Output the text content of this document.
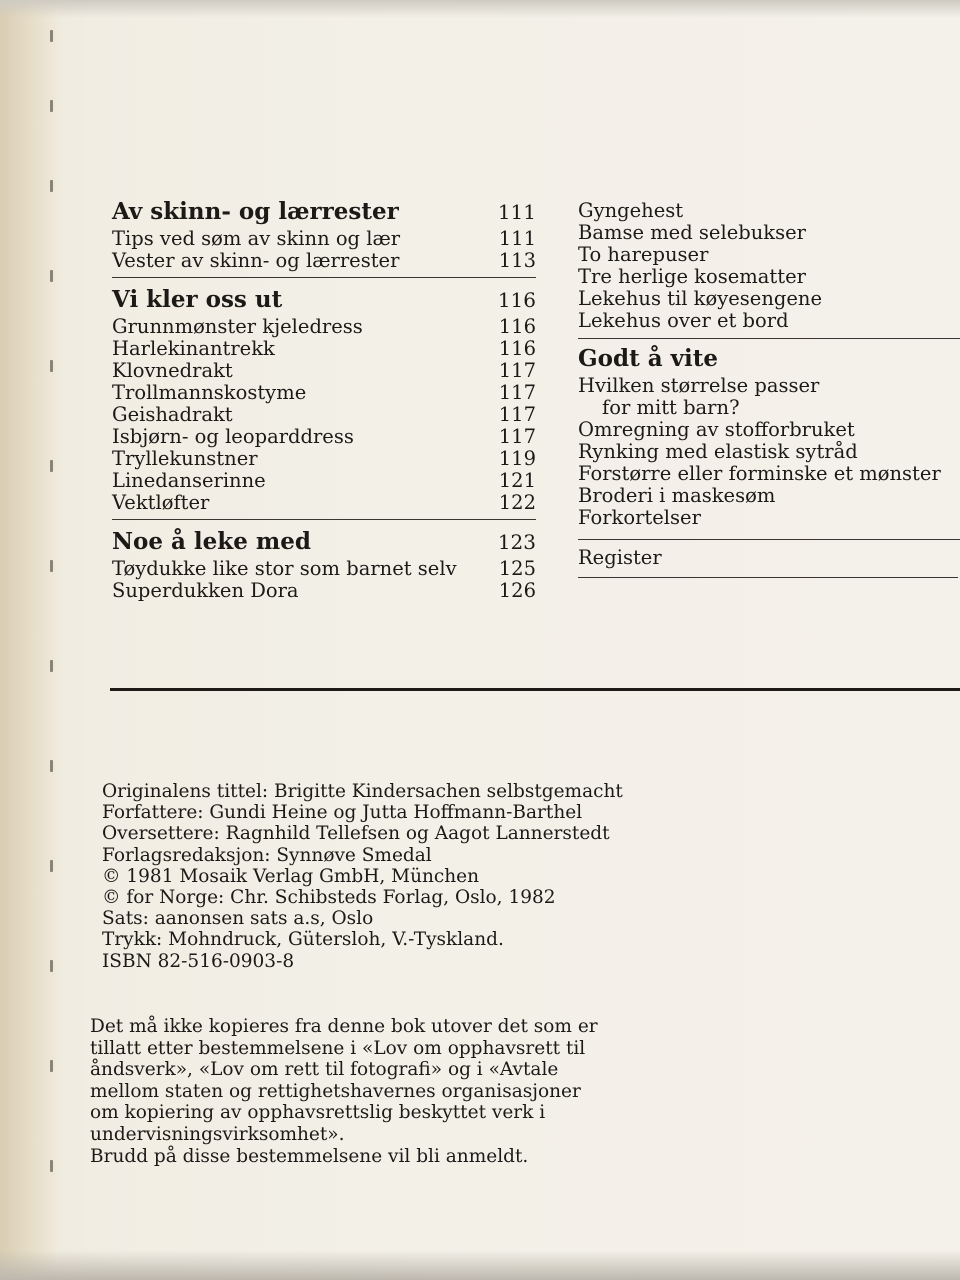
Av skinn- og lærrester	111
Tips ved søm av skinn og lær	111
Vester av skinn- og lærrester	113
Vi kler oss ut	116
Grunnmønster kjeledress	116
Harlekinantrekk	116
Klovnedrakt	117
Trollmannskostyme	117
Geishadrakt	117
Isbjørn- og leoparddress	117
Tryllekunstner	119
Linedanserinne	121
Vektløfter	122
Noe å leke med	123
Tøydukke like stor som barnet selv 125
Superdukken Dora	126
Gyngehest
Bamse med selebukser
To harepuser
Tre herlige kosematter
Lekehus til køyesengene
Lekehus over et bord
Godt å vite
Hvilken størrelse passer
for mitt barn?
Omregning av stofforbruket
Rynking med elastisk sytråd
Forstørre eller forminske et mønster
Broderi i maskesøm
Forkortelser
Register
Originalens tittel: Brigitte Kindersachen selbstgemacht
Forfattere: Gundi Heine og Jutta Hoffmann-Barthel
Oversettere: Ragnhild Tellefsen og Aagot Lannerstedt
Forlagsredaksjon: Synnøve Smedal
© 1981 Mosaik Verlag GmbH, München
© for Norge: Chr. Schibsteds Forlag, Oslo, 1982
Sats: aanonsen sats a.s, Oslo
Trykk: Mohndruck, Gütersloh, V.-Tyskland.
ISBN 82-516-0903-8
Det må ikke kopieres fra denne bok utover det som er
tillatt etter bestemmelsene i «Lov om opphavsrett til
åndsverk», «Lov om rett til fotografi» og i «Avtale
mellom staten og rettighetshavernes organisasjoner
om kopiering av opphavsrettslig beskyttet verk i
undervisningsvirksomhet».
Brudd på disse bestemmelsene vil bli anmeldt.
